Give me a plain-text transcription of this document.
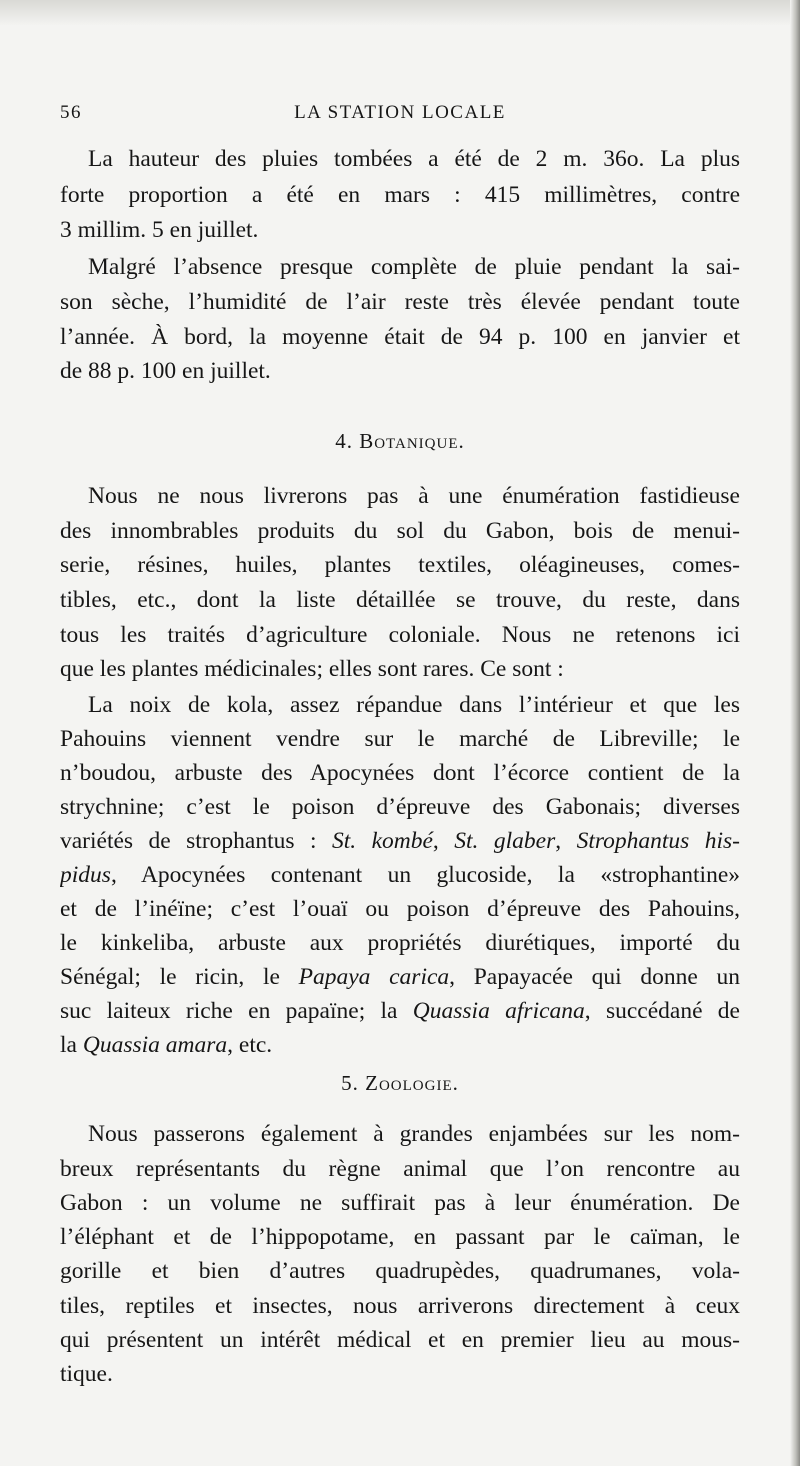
56	LA STATION LOCALE
La hauteur des pluies tombées a été de 2 m. 36o. La plus
forte proportion a été en mars : 415 millimètres, contre
3 millim. 5 en juillet.
Malgré l’absence presque complète de pluie pendant la sai-
son sèche, l’humidité de l’air reste très élevée pendant toute
l’année. À bord, la moyenne était de 94 p. 100 en janvier et
de 88 p. 100 en juillet.
4. Botanique.
Nous ne nous livrerons pas à une énumération fastidieuse
des innombrables produits du sol du Gabon, bois de menui-
serie, résines, huiles, plantes textiles, oléagineuses, comes-
tibles, etc., dont la liste détaillée se trouve, du reste, dans
tous les traités d’agriculture coloniale. Nous ne retenons ici
que les plantes médicinales; elles sont rares. Ce sont :
La noix de kola, assez répandue dans l’intérieur et que les
Pahouins viennent vendre sur le marché de Libreville; le
n’boudou, arbuste des Apocynées dont l’écorce contient de la
strychnine; c’est le poison d’épreuve des Gabonais; diverses
variétés de strophantus : St. kombé, St. glaber, Strophantus his-
pidus, Apocynées contenant un glucoside, la «strophantine»
et de l’inéïne; c’est l’ouaï ou poison d’épreuve des Pahouins,
le kinkeliba, arbuste aux propriétés diurétiques, importé du
Sénégal; le ricin, le Papaya carica, Papayacée qui donne un
suc laiteux riche en papaïne; la Quassia africana, succédané de
la Quassia amara, etc.
5. Zoologie.
Nous passerons également à grandes enjambées sur les nom-
breux représentants du règne animal que l’on rencontre au
Gabon : un volume ne suffirait pas à leur énumération. De
l’éléphant et de l’hippopotame, en passant par le caïman, le
gorille et bien d’autres quadrupèdes, quadrumanes, vola-
tiles, reptiles et insectes, nous arriverons directement à ceux
qui présentent un intérêt médical et en premier lieu au mous-
tique.
